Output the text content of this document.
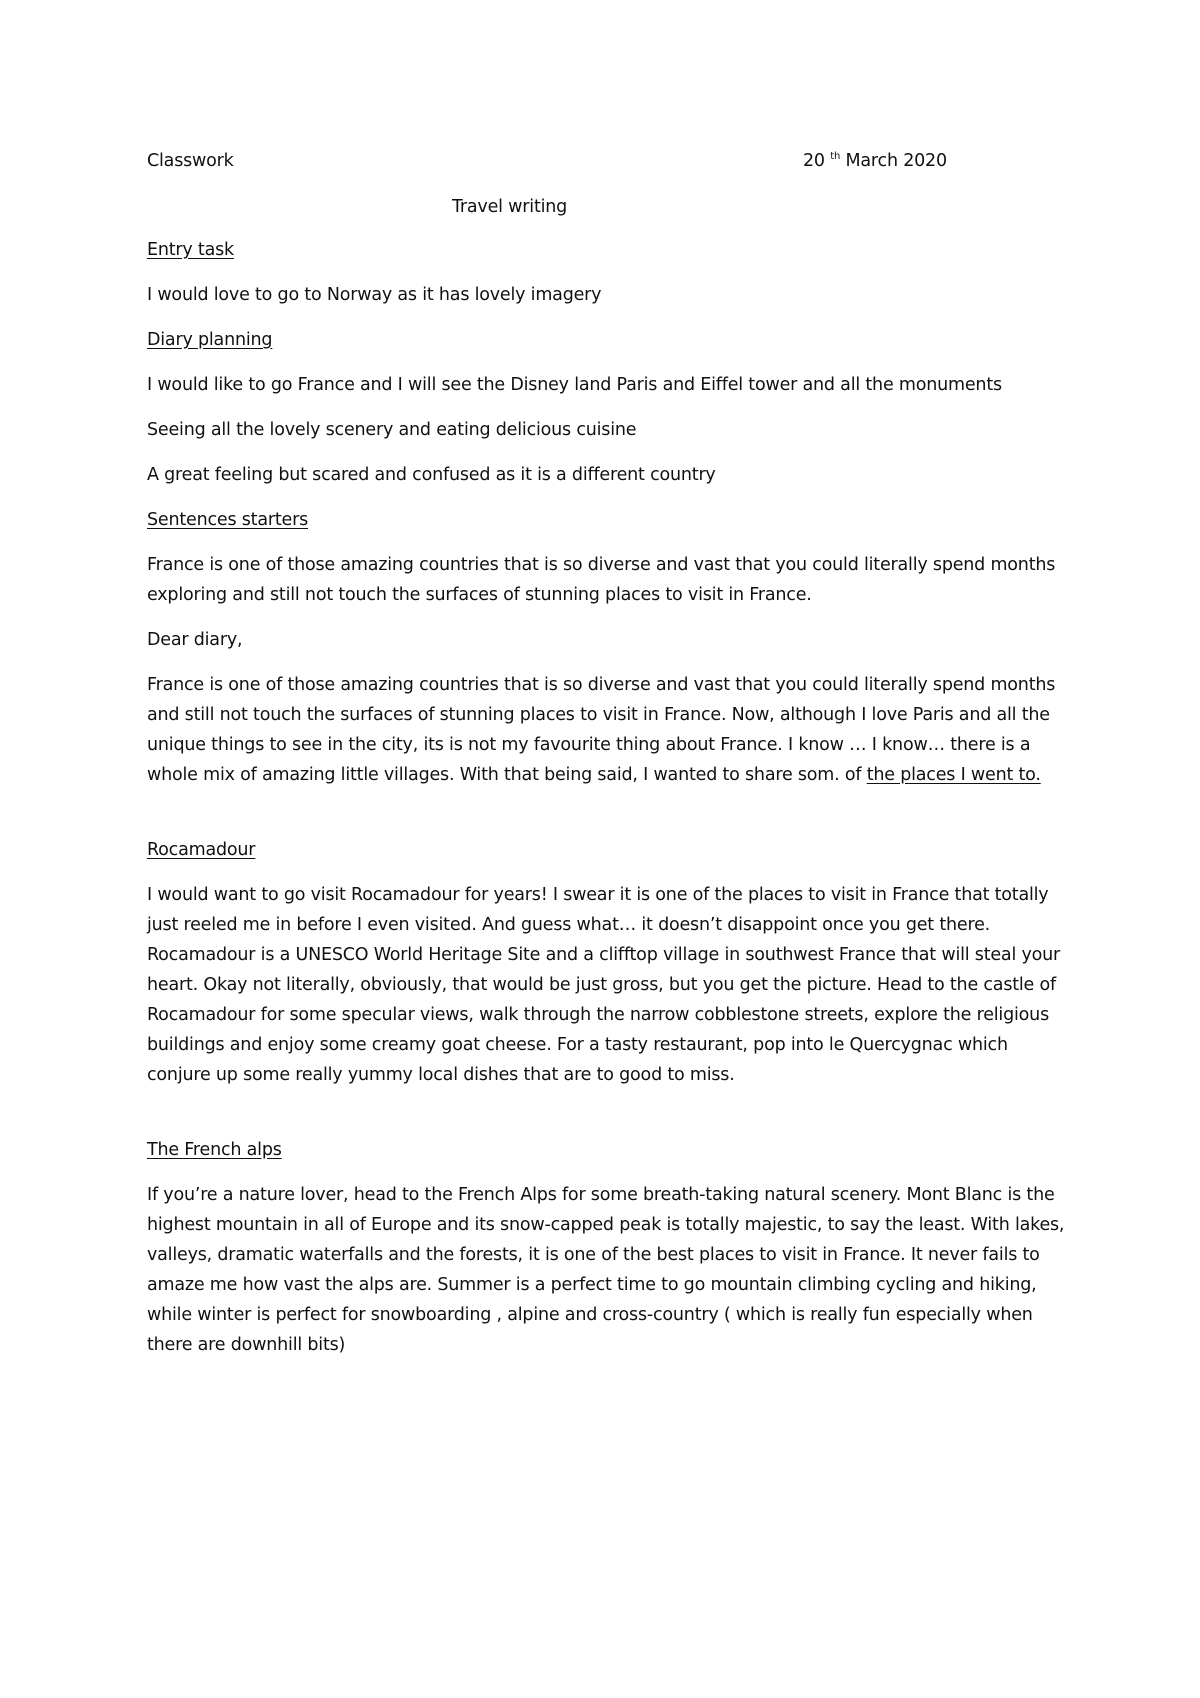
Classwork	20 $^{th}$ March 2020
Travel writing

Entry task

I would love to go to Norway as it has lovely imagery

Diary planning

I would like to go France and I will see the Disney land Paris and Eiffel tower and all the monuments

Seeing all the lovely scenery and eating delicious cuisine

A great feeling but scared and confused as it is a different country

Sentences starters

France is one of those amazing countries that is so diverse and vast that you could literally spend months exploring and still not touch the surfaces of stunning places to visit in France.

Dear diary,

France is one of those amazing countries that is so diverse and vast that you could literally spend months and still not touch the surfaces of stunning places to visit in France. Now, although I love Paris and all the unique things to see in the city, its is not my favourite thing about France. I know … I know… there is a whole mix of amazing little villages. With that being said, I wanted to share som. of the places I went to.

Rocamadour

I would want to go visit Rocamadour for years! I swear it is one of the places to visit in France that totally just reeled me in before I even visited. And guess what… it doesn’t disappoint once you get there. Rocamadour is a UNESCO World Heritage Site and a clifftop village in southwest France that will steal your heart. Okay not literally, obviously, that would be just gross, but you get the picture. Head to the castle of Rocamadour for some specular views, walk through the narrow cobblestone streets, explore the religious buildings and enjoy some creamy goat cheese. For a tasty restaurant, pop into le Quercygnac which conjure up some really yummy local dishes that are to good to miss.

The French alps

If you’re a nature lover, head to the French Alps for some breath-taking natural scenery. Mont Blanc is the highest mountain in all of Europe and its snow-capped peak is totally majestic, to say the least. With lakes, valleys, dramatic waterfalls and the forests, it is one of the best places to visit in France. It never fails to amaze me how vast the alps are. Summer is a perfect time to go mountain climbing cycling and hiking, while winter is perfect for snowboarding , alpine and cross-country ( which is really fun especially when there are downhill bits)
